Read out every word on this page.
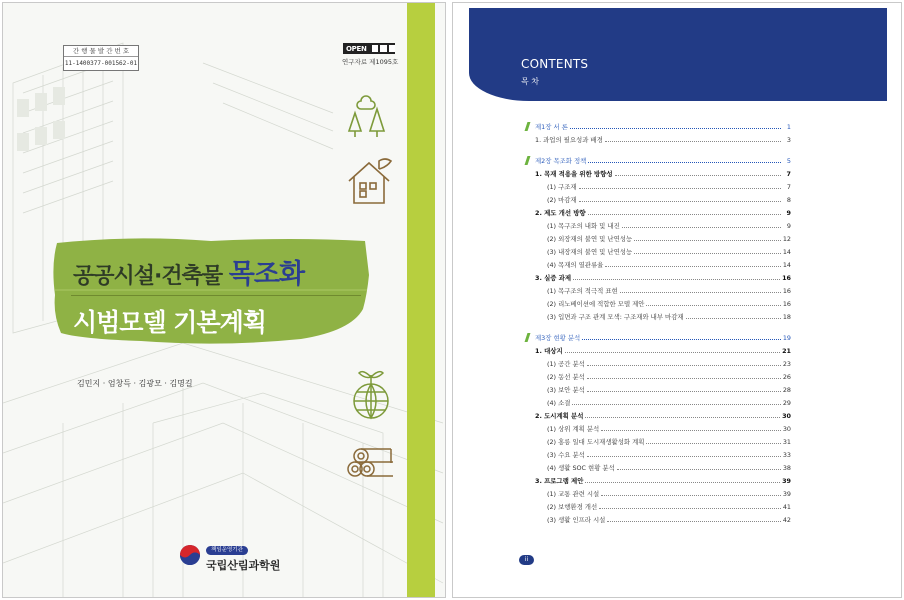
간 행 물 발 간 번 호
11-1400377-001562-01
OPEN
연구자료 제1095호
공공시설·건축물 목조화
시범모델 기본계획
김민지 · 엄창득 · 김광모 · 김명길
책임운영기관
국립산림과학원
CONTENTS
목 차
제1장 서 론	1
1. 과업의 필요성과 배경	3
제2장 목조화 정책	5
1. 목재 적용을 위한 방향성	7
(1) 구조재	7
(2) 마감재	8
2. 제도 개선 방향	9
(1) 목구조의 내화 및 내진	9
(2) 외장재의 불연 및 난연성능	12
(3) 내장재의 불연 및 난연성능	14
(4) 목재의 열관류율	14
3. 실증 과제	16
(1) 목구조의 적극적 표현	16
(2) 리노베이션에 적합한 모델 제안	16
(3) 입면과 구조 관계 모색: 구조재와 내부 마감재	18
제3장 현황 분석	19
1. 대상지	21
(1) 공간 분석	23
(2) 동선 분석	26
(3) 보안 분석	28
(4) 소결	29
2. 도시계획 분석	30
(1) 상위 계획 분석	30
(2) 홍릉 일대 도시재생활성화 계획	31
(3) 수요 분석	33
(4) 생활 SOC 현황 분석	38
3. 프로그램 제안	39
(1) 교통 관련 시설	39
(2) 보행환경 개선	41
(3) 생활 인프라 시설	42
ii
